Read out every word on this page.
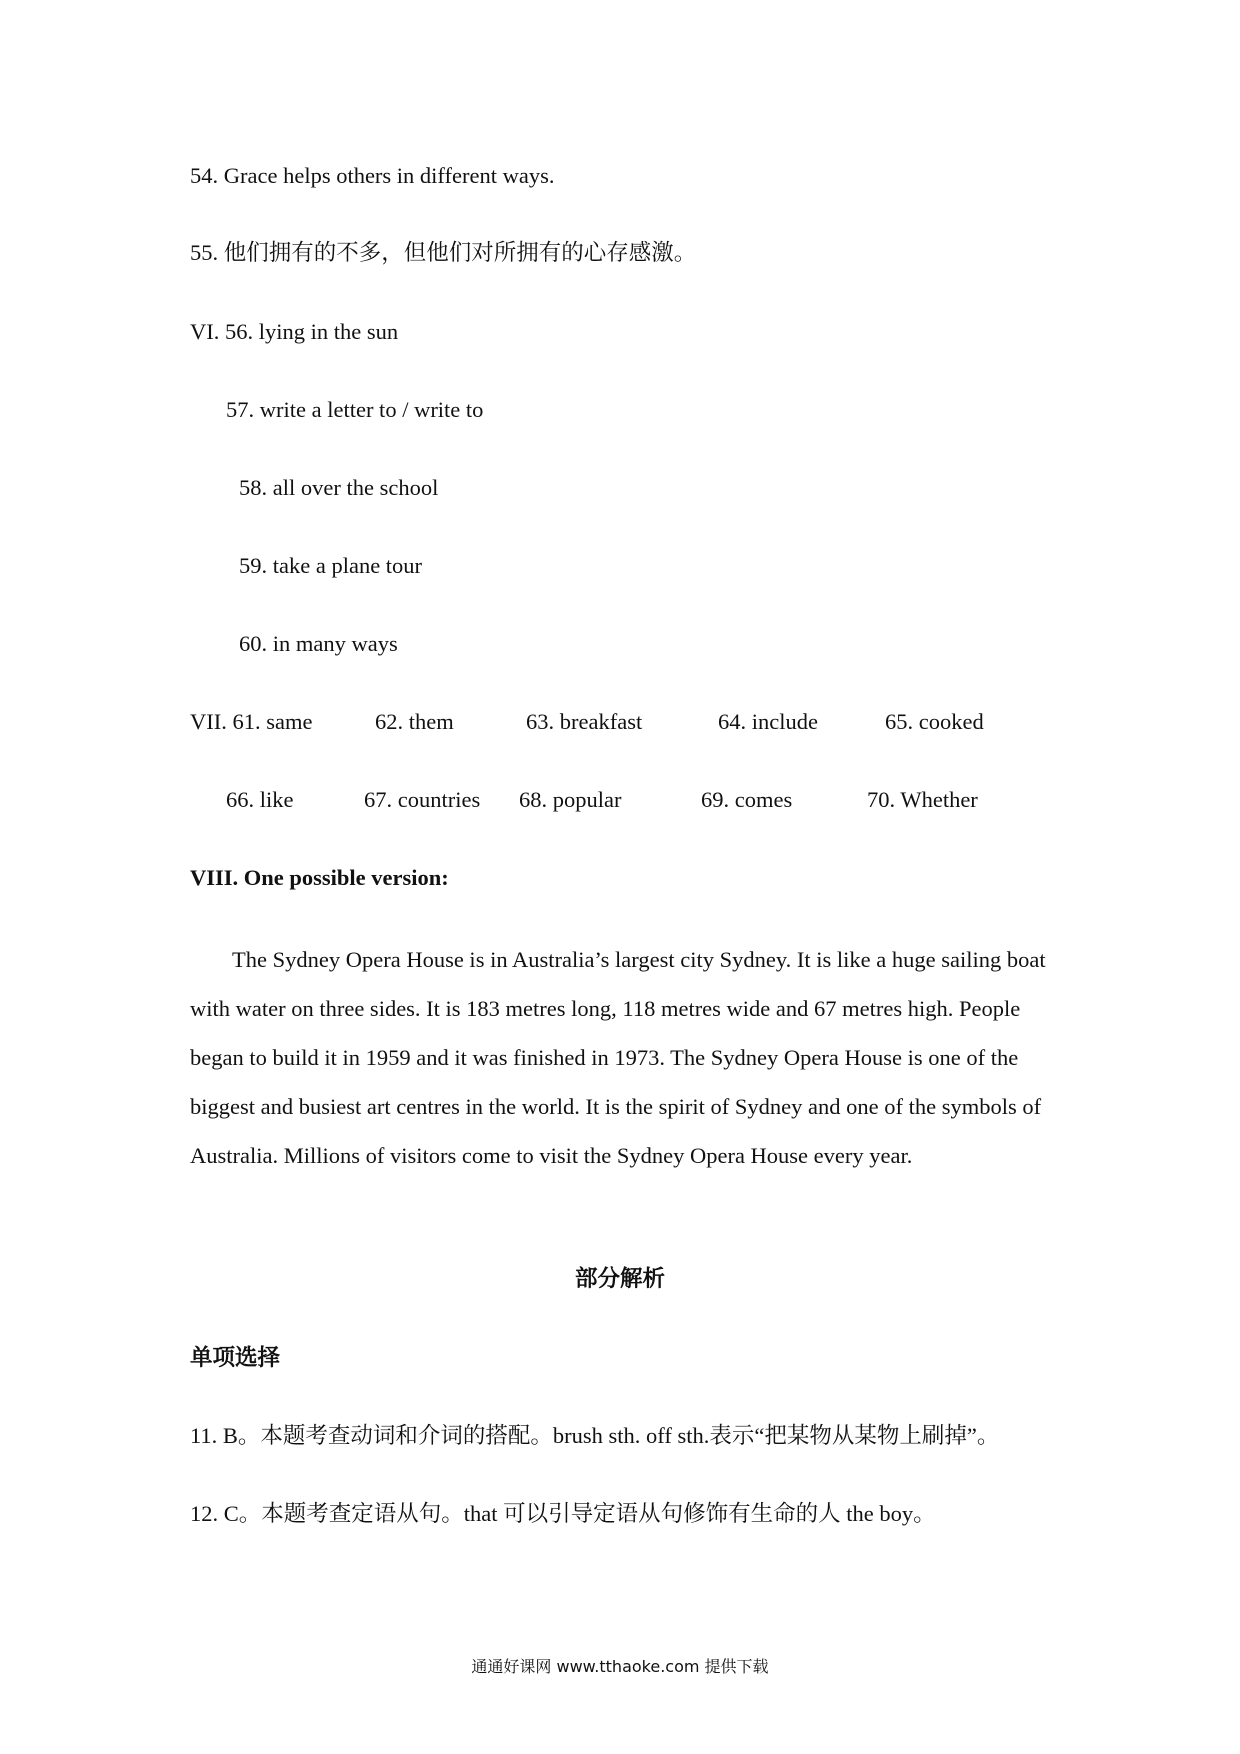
54. Grace helps others in different ways.
55. 他们拥有的不多，但他们对所拥有的心存感激。
VI. 56. lying in the sun
57. write a letter to / write to
58. all over the school
59. take a plane tour
60. in many ways
VII. 61. same	62. them	63. breakfast	64. include	65. cooked
66. like	67. countries 68. popular	69. comes	70. Whether
VIII. One possible version:

The Sydney Opera House is in Australia’s largest city Sydney. It is like a huge sailing boat with water on three sides. It is 183 metres long, 118 metres wide and 67 metres high. People began to build it in 1959 and it was finished in 1973. The Sydney Opera House is one of the biggest and busiest art centres in the world. It is the spirit of Sydney and one of the symbols of Australia. Millions of visitors come to visit the Sydney Opera House every year.

部分解析
单项选择
11. B。本题考查动词和介词的搭配。brush sth. off sth.表示“把某物从某物上刷掉”。
12. C。本题考查定语从句。that 可以引导定语从句修饰有生命的人 the boy。
通通好课网 www.tthaoke.com 提供下载
